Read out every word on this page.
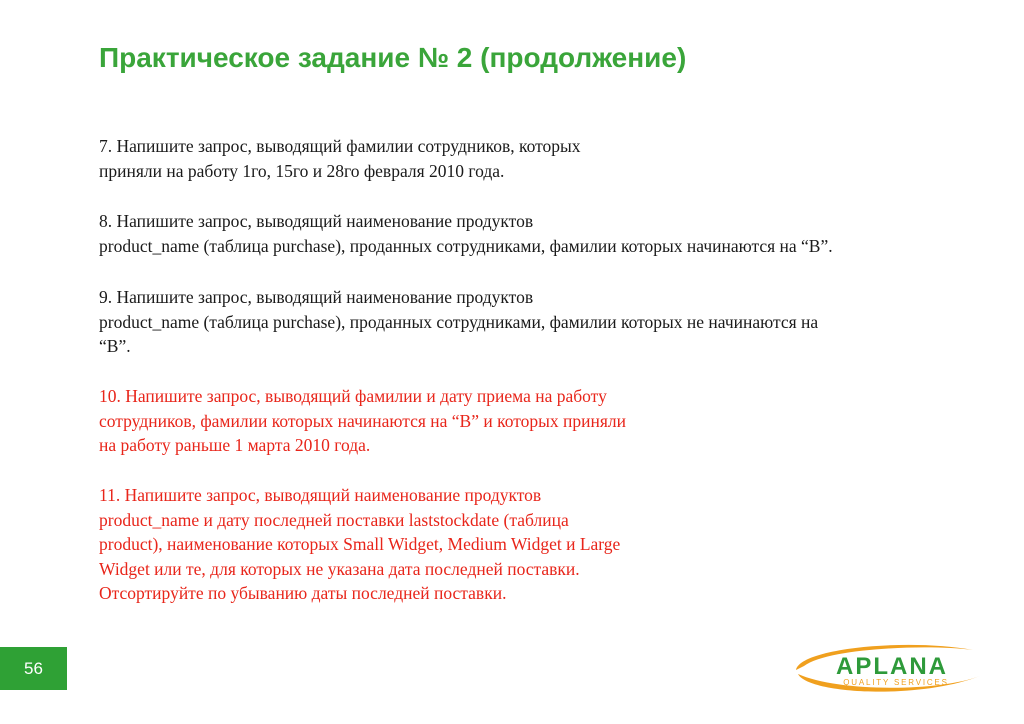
Практическое задание № 2 (продолжение)
7. Напишите запрос, выводящий фамилии сотрудников, которых
приняли на работу 1го, 15го и 28го февраля 2010 года.
8. Напишите запрос, выводящий наименование продуктов
product_name (таблица purchase), проданных сотрудниками, фамилии которых начинаются на “В”.
9. Напишите запрос, выводящий наименование продуктов
product_name (таблица purchase), проданных сотрудниками, фамилии которых не начинаются на
“В”.
10. Напишите запрос, выводящий фамилии и дату приема на работу
сотрудников, фамилии которых начинаются на “В” и которых приняли
на работу раньше 1 марта 2010 года.
11. Напишите запрос, выводящий наименование продуктов
product_name и дату последней поставки laststockdate (таблица
product), наименование которых Small Widget, Medium Widget и Large
Widget или те, для которых не указана дата последней поставки.
Отсортируйте по убыванию даты последней поставки.
56	APLANA
QUALITY SERVICES
